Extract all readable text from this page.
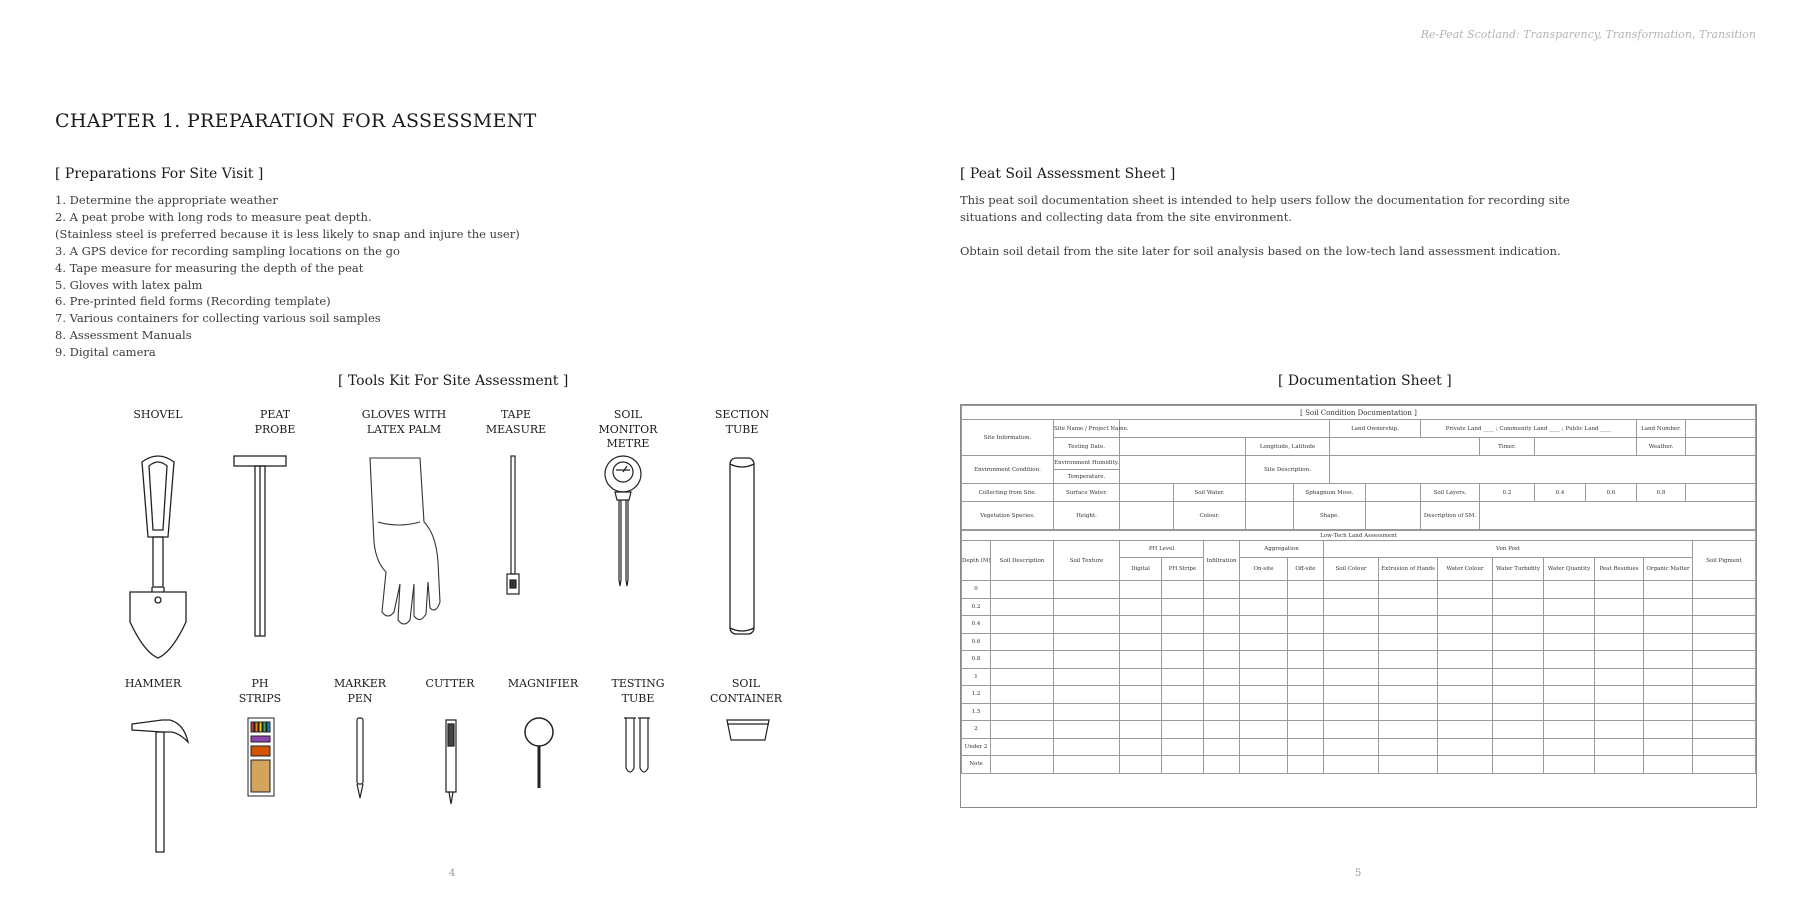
Re-Peat Scotland: Transparency, Transformation, Transition
CHAPTER 1. PREPARATION FOR ASSESSMENT
[ Preparations For Site Visit ]
1. Determine the appropriate weather
2. A peat probe with long rods to measure peat depth.
(Stainless steel is preferred because it is less likely to snap and injure the user)
3. A GPS device for recording sampling locations on the go
4. Tape measure for measuring the depth of the peat
5. Gloves with latex palm
6. Pre-printed field forms (Recording template)
7. Various containers for collecting various soil samples
8. Assessment Manuals
9. Digital camera
[ Peat Soil Assessment Sheet ]
This peat soil documentation sheet is intended to help users follow the documentation for recording site
situations and collecting data from the site environment.
Obtain soil detail from the site later for soil analysis based on the low-tech land assessment indication.
[ Tools Kit For Site Assessment ]
SHOVEL	PEAT
PROBE
GLOVES WITH
LATEX PALM
TAPE
MEASURE
SOIL
MONITOR
METRE
SECTION
TUBE
HAMMER	PH
STRIPS
MARKER
PEN
CUTTER	MAGNIFIER	TESTING
TUBE
SOIL
CONTAINER
[ Documentation Sheet ]
[ Soil Condition Documentation ]													
Site Information.	Site Name / Project Name.					Land Ownership.		Private Land ____ ; Community Land ____ ; Public Land ____				Land Number.	
	Testing Date.			Longitude, Latitude					Timer.			Weather.	
Environment Condition.	Environment Humidity.			Site Description.									
	Temperature.												
Collecting from Site.	Surface Water.		Soil Water.		Sphagnum Moss.			Soil Layers.	0.2	0.4	0.6	0.8	
Vegetation Species.	Height.		Colour.		Shape.			Description of SM.					
Low-Tech Land Assessment															
Depth (M)	Soil Description	Soil Texture	PH Level		Infiltration	Aggregation		Von Post							Soil Pigment
			Digital	PH Stripe		On-site	Off-site	Soil Colour	Extrusion of Hands	Water Colour	Water Turbidity	Water Quantity	Peat Residues	Organic Matter	
0															
0.2															
0.4															
0.6															
0.8															
1															
1.2															
1.5															
2															
Under 2															
Note															
4	5
